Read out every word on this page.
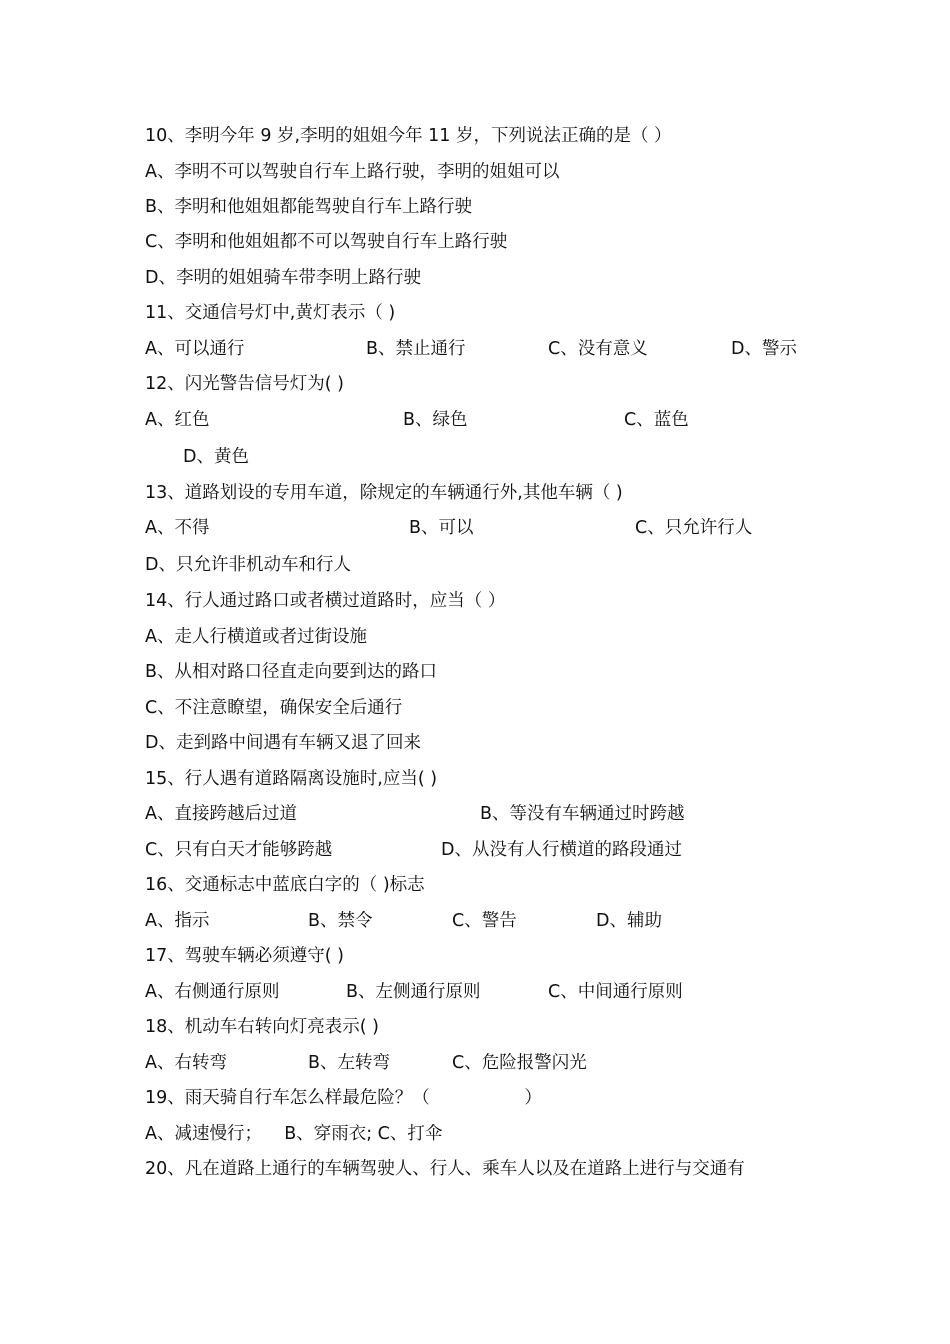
10、李明今年 9 岁,李明的姐姐今年 11 岁，下列说法正确的是（ ）
A、李明不可以驾驶自行车上路行驶，李明的姐姐可以
B、李明和他姐姐都能驾驶自行车上路行驶
C、李明和他姐姐都不可以驾驶自行车上路行驶
D、李明的姐姐骑车带李明上路行驶
11、交通信号灯中,黄灯表示（ )
A、可以通行	B、禁止通行	C、没有意义	D、警示
12、闪光警告信号灯为( )
A、红色	B、绿色	C、蓝色
D、黄色
13、道路划设的专用车道，除规定的车辆通行外,其他车辆（ )
A、不得	B、可以	C、只允许行人
D、只允许非机动车和行人
14、行人通过路口或者横过道路时，应当（ ）
A、走人行横道或者过街设施
B、从相对路口径直走向要到达的路口
C、不注意瞭望，确保安全后通行
D、走到路中间遇有车辆又退了回来
15、行人遇有道路隔离设施时,应当( )
A、直接跨越后过道	B、等没有车辆通过时跨越
C、只有白天才能够跨越	D、从没有人行横道的路段通过
16、交通标志中蓝底白字的（ )标志
A、指示	B、禁令	C、警告	D、辅助
17、驾驶车辆必须遵守( )
A、右侧通行原则	B、左侧通行原则	C、中间通行原则
18、机动车右转向灯亮表示( )
A、右转弯	B、左转弯	C、危险报警闪光
19、雨天骑自行车怎么样最危险？（                 ）
A、减速慢行；    B、穿雨衣; C、打伞
20、凡在道路上通行的车辆驾驶人、行人、乘车人以及在道路上进行与交通有
